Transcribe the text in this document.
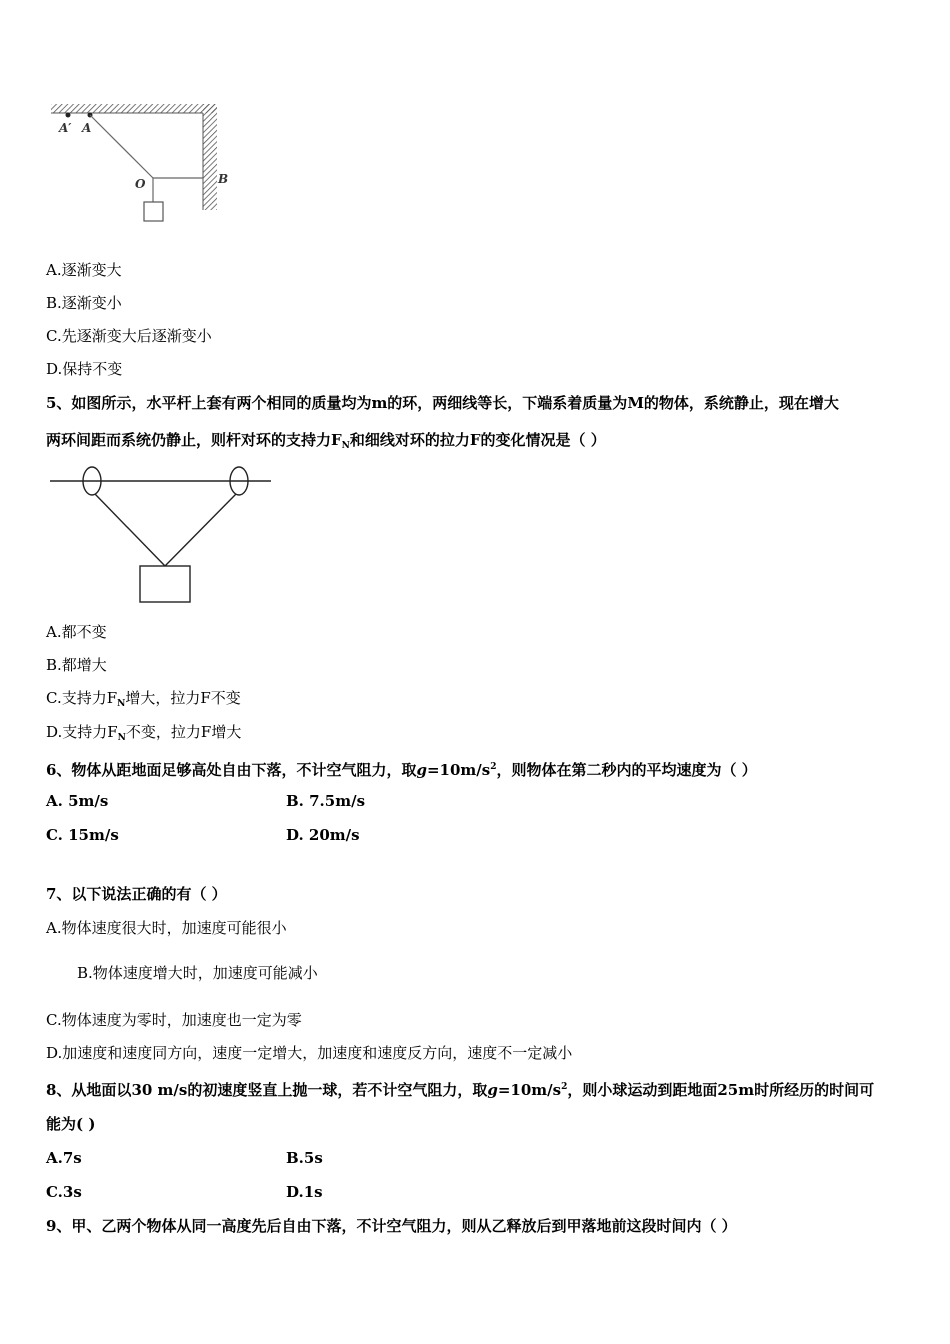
A′ A
O	B
A.逐渐变大
B.逐渐变小
C.先逐渐变大后逐渐变小
D.保持不变
5、如图所示，水平杆上套有两个相同的质量均为m的环，两细线等长，下端系着质量为M的物体，系统静止，现在增大
两环间距而系统仍静止，则杆对环的支持力$F_N$和细线对环的拉力F的变化情况是（ ）
A.都不变
B.都增大
C.支持力$F_N$增大，拉力F不变
D.支持力$F_N$不变，拉力F增大
6、物体从距地面足够高处自由下落，不计空气阻力，取$g=10m/s^2$，则物体在第二秒内的平均速度为（ ）
A. 5m/s	B. 7.5m/s
C. 15m/s	D. 20m/s
7、以下说法正确的有（ ）
A.物体速度很大时，加速度可能很小
B.物体速度增大时，加速度可能减小
C.物体速度为零时，加速度也一定为零
D.加速度和速度同方向，速度一定增大，加速度和速度反方向，速度不一定减小
8、从地面以30 m/s的初速度竖直上抛一球，若不计空气阻力，取$g=10m/s^2$，则小球运动到距地面25m时所经历的时间可
能为( )
A.7s	B.5s
C.3s	D.1s
9、甲、乙两个物体从同一高度先后自由下落，不计空气阻力，则从乙释放后到甲落地前这段时间内（ ）
